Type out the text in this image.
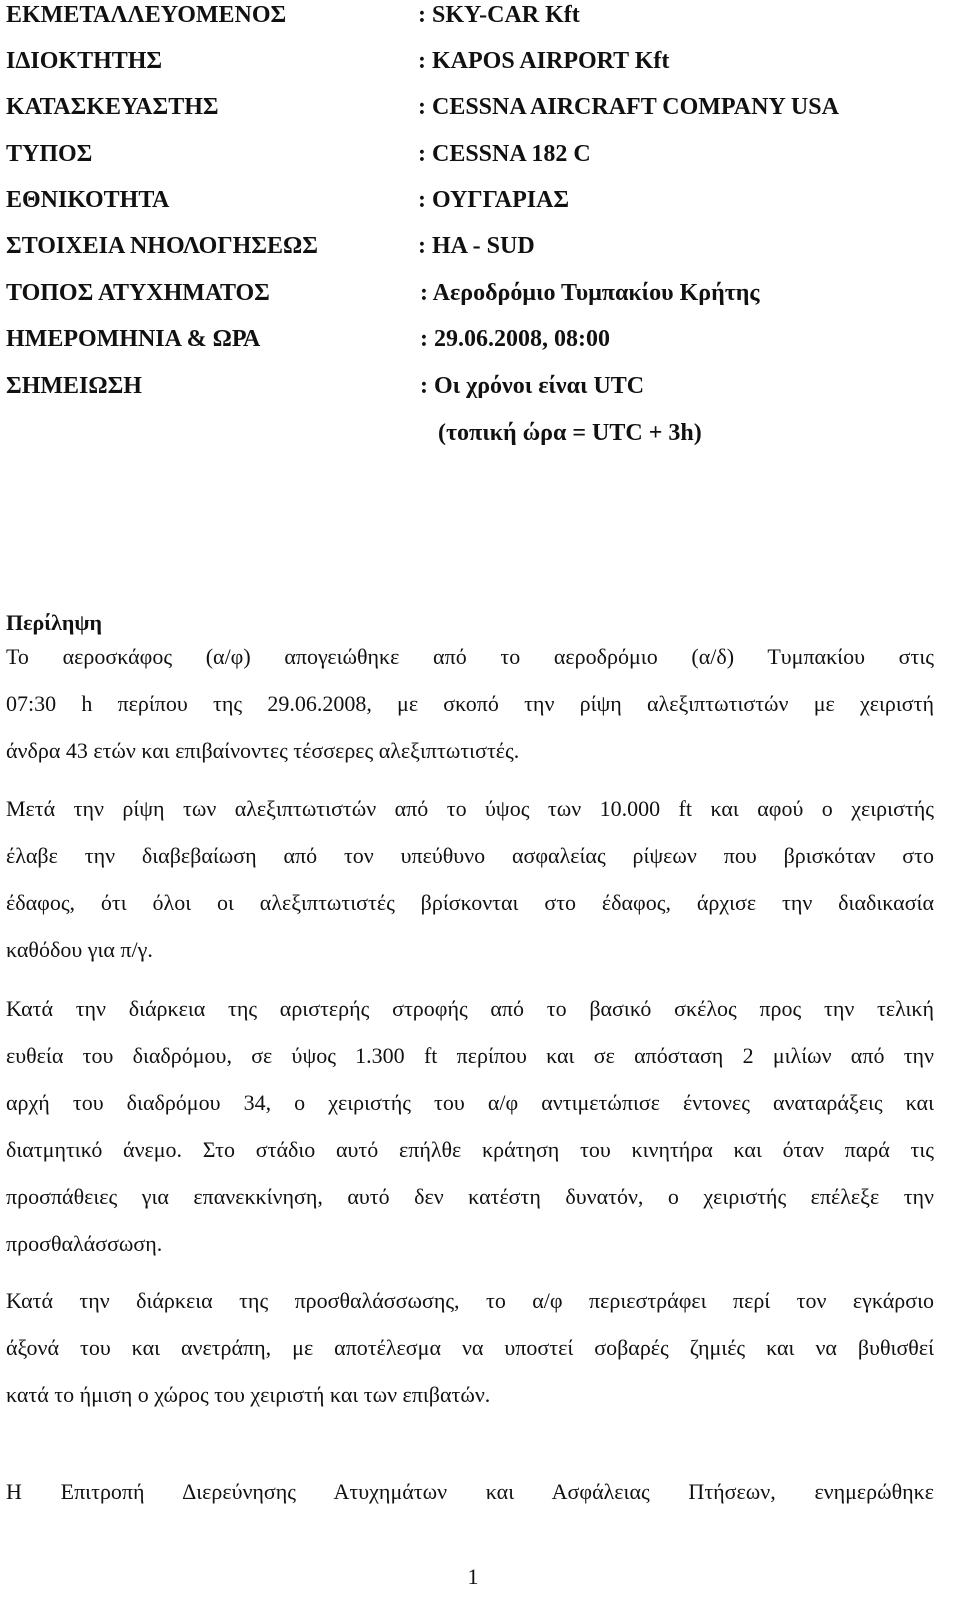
ΕΚΜΕΤΑΛΛΕΥΟΜΕΝΟΣ	: SKY-CAR Kft
ΙΔΙΟΚΤΗΤΗΣ	: KAPOS AIRPORT Kft
ΚΑΤΑΣΚΕΥΑΣΤΗΣ	: CESSNA AIRCRAFT COMPANY USA
ΤΥΠΟΣ	: CESSNA 182 C
ΕΘΝΙΚΟΤΗΤΑ	: ΟΥΓΓΑΡΙΑΣ
ΣΤΟΙΧΕΙΑ ΝΗΟΛΟΓΗΣΕΩΣ	: HA - SUD
ΤΟΠΟΣ ΑΤΥΧΗΜΑΤΟΣ	: Αεροδρόμιο Τυμπακίου Κρήτης
ΗΜΕΡΟΜΗΝΙΑ & ΩΡΑ	: 29.06.2008, 08:00
ΣΗΜΕΙΩΣΗ	: Οι χρόνοι είναι UTC
(τοπική ώρα = UTC + 3h)
Περίληψη
Το αεροσκάφος (α/φ) απογειώθηκε από το αεροδρόμιο (α/δ) Τυμπακίου στις
07:30 h περίπου της 29.06.2008, με σκοπό την ρίψη αλεξιπτωτιστών με χειριστή
άνδρα 43 ετών και επιβαίνοντες τέσσερες αλεξιπτωτιστές.
Μετά την ρίψη των αλεξιπτωτιστών από το ύψος των 10.000 ft και αφού ο χειριστής
έλαβε την διαβεβαίωση από τον υπεύθυνο ασφαλείας ρίψεων που βρισκόταν στο
έδαφος, ότι όλοι οι αλεξιπτωτιστές βρίσκονται στο έδαφος, άρχισε την διαδικασία
καθόδου για π/γ.
Κατά την διάρκεια της αριστερής στροφής από το βασικό σκέλος προς την τελική
ευθεία του διαδρόμου, σε ύψος 1.300 ft περίπου και σε απόσταση 2 μιλίων από την
αρχή του διαδρόμου 34, ο χειριστής του α/φ αντιμετώπισε έντονες αναταράξεις και
διατμητικό άνεμο. Στο στάδιο αυτό επήλθε κράτηση του κινητήρα και όταν παρά τις
προσπάθειες για επανεκκίνηση, αυτό δεν κατέστη δυνατόν, ο χειριστής επέλεξε την
προσθαλάσσωση.
Κατά την διάρκεια της προσθαλάσσωσης, το α/φ περιεστράφει περί τον εγκάρσιο
άξονά του και ανετράπη, με αποτέλεσμα να υποστεί σοβαρές ζημιές και να βυθισθεί
κατά το ήμιση ο χώρος του χειριστή και των επιβατών.
Η Επιτροπή Διερεύνησης Ατυχημάτων και Ασφάλειας Πτήσεων, ενημερώθηκε
1
